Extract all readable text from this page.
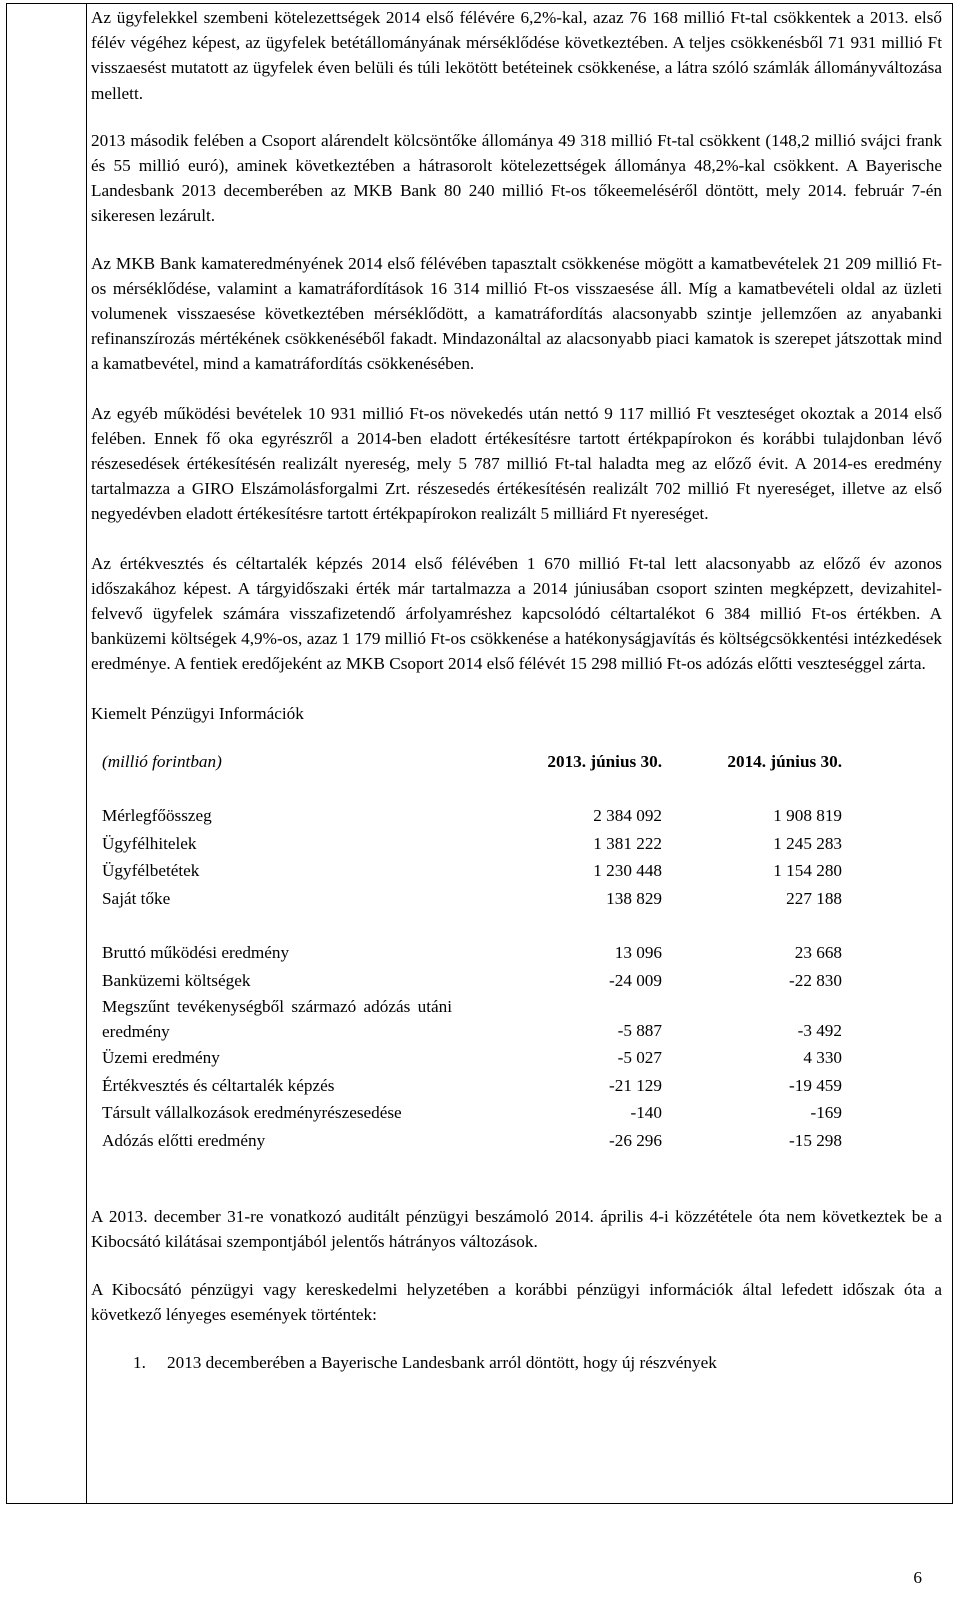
Az ügyfelekkel szembeni kötelezettségek 2014 első félévére 6,2%-kal, azaz 76 168 millió Ft-tal csökkentek a 2013. első félév végéhez képest, az ügyfelek betétállományának mérséklődése következtében. A teljes csökkenésből 71 931 millió Ft visszaesést mutatott az ügyfelek éven belüli és túli lekötött betéteinek csökkenése, a látra szóló számlák állományváltozása mellett.

2013 második felében a Csoport alárendelt kölcsöntőke állománya 49 318 millió Ft-tal csökkent (148,2 millió svájci frank és 55 millió euró), aminek következtében a hátrasorolt kötelezettségek állománya 48,2%-kal csökkent. A Bayerische Landesbank 2013 decemberében az MKB Bank 80 240 millió Ft-os tőkeemeléséről döntött, mely 2014. február 7-én sikeresen lezárult.

Az MKB Bank kamateredményének 2014 első félévében tapasztalt csökkenése mögött a kamatbevételek 21 209 millió Ft-os mérséklődése, valamint a kamatráfordítások 16 314 millió Ft-os visszaesése áll. Míg a kamatbevételi oldal az üzleti volumenek visszaesése következtében mérséklődött, a kamatráfordítás alacsonyabb szintje jellemzően az anyabanki refinanszírozás mértékének csökkenéséből fakadt. Mindazonáltal az alacsonyabb piaci kamatok is szerepet játszottak mind a kamatbevétel, mind a kamatráfordítás csökkenésében.

Az egyéb működési bevételek 10 931 millió Ft-os növekedés után nettó 9 117 millió Ft veszteséget okoztak a 2014 első felében. Ennek fő oka egyrészről a 2014-ben eladott értékesítésre tartott értékpapírokon és korábbi tulajdonban lévő részesedések értékesítésén realizált nyereség, mely 5 787 millió Ft-tal haladta meg az előző évit. A 2014-es eredmény tartalmazza a GIRO Elszámolásforgalmi Zrt. részesedés értékesítésén realizált 702 millió Ft nyereséget, illetve az első negyedévben eladott értékesítésre tartott értékpapírokon realizált 5 milliárd Ft nyereséget.

Az értékvesztés és céltartalék képzés 2014 első félévében 1 670 millió Ft-tal lett alacsonyabb az előző év azonos időszakához képest. A tárgyidőszaki érték már tartalmazza a 2014 júniusában csoport szinten megképzett, devizahitel-felvevő ügyfelek számára visszafizetendő árfolyamréshez kapcsolódó céltartalékot 6 384 millió Ft-os értékben. A banküzemi költségek 4,9%-os, azaz 1 179 millió Ft-os csökkenése a hatékonyságjavítás és költségcsökkentési intézkedések eredménye. A fentiek eredőjeként az MKB Csoport 2014 első félévét 15 298 millió Ft-os adózás előtti veszteséggel zárta.

Kiemelt Pénzügyi Információk

(millió forintban)	2013. június 30.	2014. június 30.

Mérlegfőösszeg	2 384 092	1 908 819
Ügyfélhitelek	1 381 222	1 245 283
Ügyfélbetétek	1 230 448	1 154 280
Saját tőke	138 829	227 188

Bruttó működési eredmény	13 096	23 668
Banküzemi költségek	-24 009	-22 830

Megszűnt tevékenységből származó adózás utáni eredmény	-5 887	-3 492
Üzemi eredmény	-5 027	4 330
Értékvesztés és céltartalék képzés	-21 129	-19 459
Társult vállalkozások eredményrészesedése	-140	-169
Adózás előtti eredmény	-26 296	-15 298

A 2013. december 31-re vonatkozó auditált pénzügyi beszámoló 2014. április 4-i közzététele óta nem következtek be a Kibocsátó kilátásai szempontjából jelentős hátrányos változások.

A Kibocsátó pénzügyi vagy kereskedelmi helyzetében a korábbi pénzügyi információk által lefedett időszak óta a következő lényeges események történtek:

1. 2013 decemberében a Bayerische Landesbank arról döntött, hogy új részvények

6
